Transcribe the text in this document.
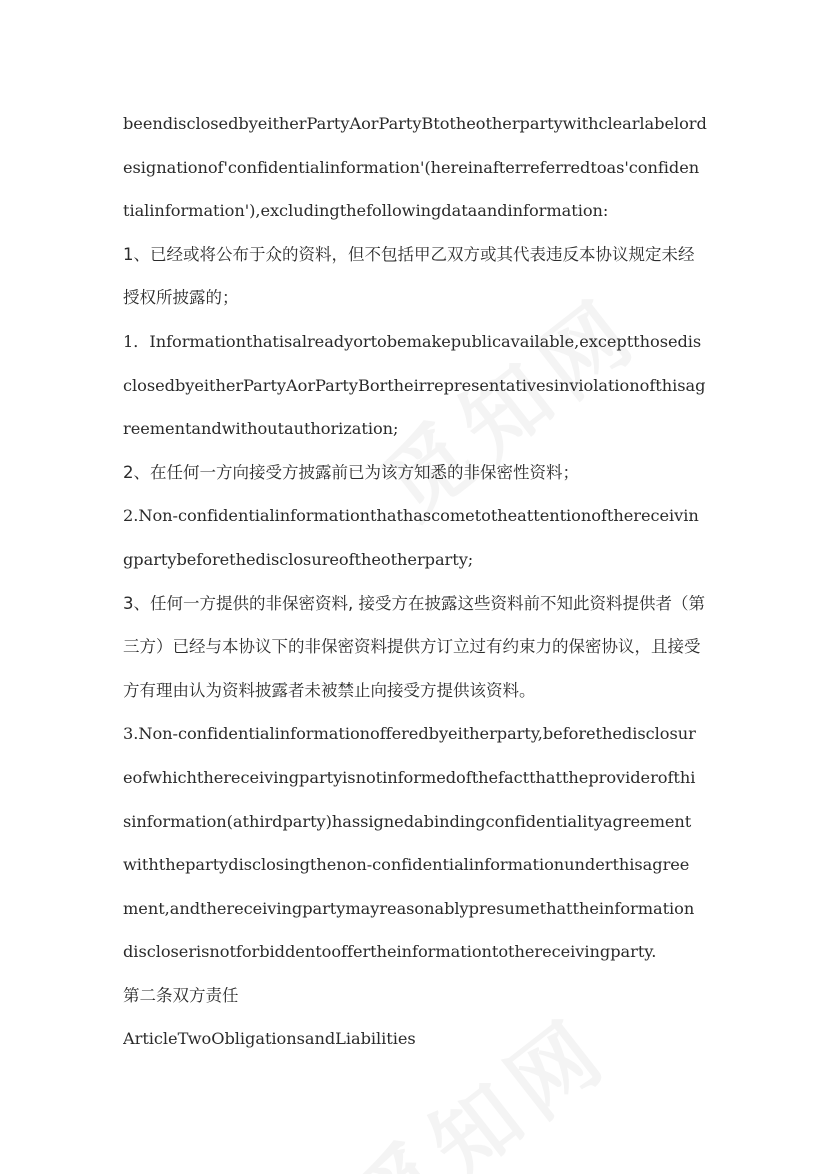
beendisclosedbyeitherPartyAorPartyBtotheotherpartywithclearlabelord
esignationof'confidentialinformation'(hereinafterreferredtoas'confiden
tialinformation'),excludingthefollowingdataandinformation:
1、已经或将公布于众的资料，但不包括甲乙双方或其代表违反本协议规定未经
授权所披露的；
1．Informationthatisalreadyortobemakepublicavailable,exceptthosedis
closedbyeitherPartyAorPartyBortheirrepresentativesinviolationofthisag
reementandwithoutauthorization;
2、在任何一方向接受方披露前已为该方知悉的非保密性资料；
2.Non-confidentialinformationthathascometotheattentionofthereceivin
gpartybeforethedisclosureoftheotherparty;
3、任何一方提供的非保密资料, 接受方在披露这些资料前不知此资料提供者（第
三方）已经与本协议下的非保密资料提供方订立过有约束力的保密协议，且接受
方有理由认为资料披露者未被禁止向接受方提供该资料。
3.Non-confidentialinformationofferedbyeitherparty,beforethedisclosur
eofwhichthereceivingpartyisnotinformedofthefactthattheproviderofthi
sinformation(athirdparty)hassignedabindingconfidentialityagreement
withthepartydisclosingthenon-confidentialinformationunderthisagree
ment,andthereceivingpartymayreasonablypresumethattheinformation
discloserisnotforbiddentooffertheinformationtothereceivingparty.
第二条双方责任
ArticleTwoObligationsandLiabilities
